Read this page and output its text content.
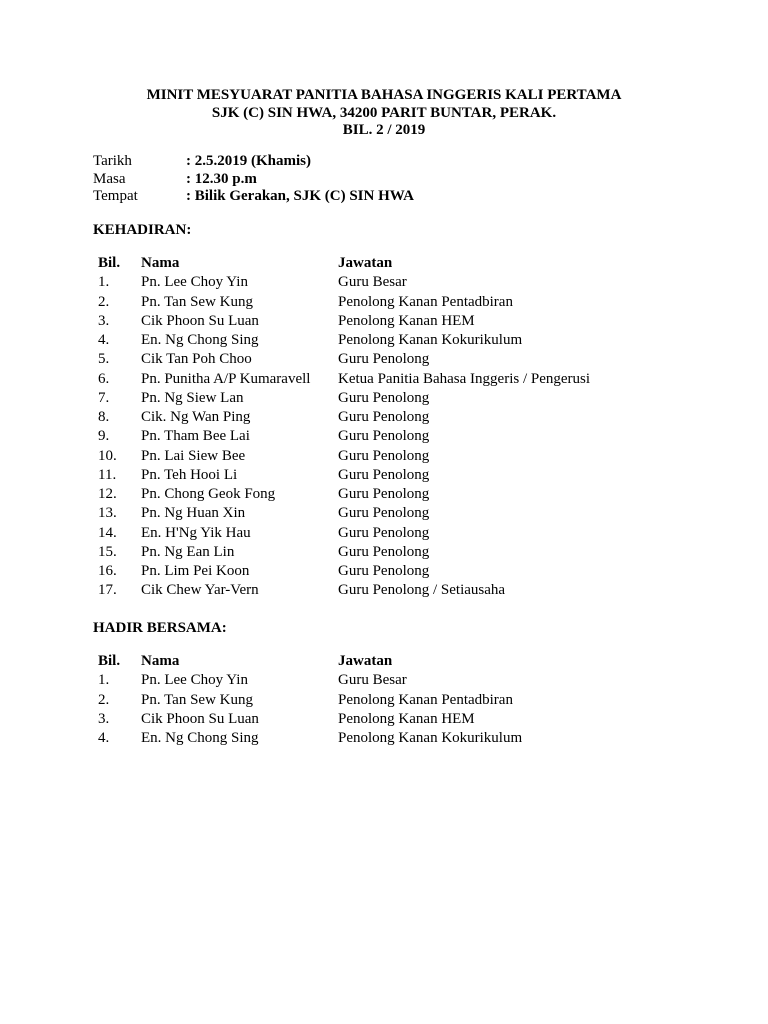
MINIT MESYUARAT PANITIA BAHASA INGGERIS KALI PERTAMA
SJK (C) SIN HWA, 34200 PARIT BUNTAR, PERAK.
BIL. 2 / 2019
Tarikh	: 2.5.2019 (Khamis)
Masa	: 12.30 p.m
Tempat	: Bilik Gerakan, SJK (C) SIN HWA
KEHADIRAN:
Bil.	Nama	Jawatan
1.	Pn. Lee Choy Yin	Guru Besar
2.	Pn. Tan Sew Kung	Penolong Kanan Pentadbiran
3.	Cik Phoon Su Luan	Penolong Kanan HEM
4.	En. Ng Chong Sing	Penolong Kanan Kokurikulum
5.	Cik Tan Poh Choo	Guru Penolong
6.	Pn. Punitha A/P Kumaravell	Ketua Panitia Bahasa Inggeris / Pengerusi
7.	Pn. Ng Siew Lan	Guru Penolong
8.	Cik. Ng Wan Ping	Guru Penolong
9.	Pn. Tham Bee Lai	Guru Penolong
10.	Pn. Lai Siew Bee	Guru Penolong
11.	Pn. Teh Hooi Li	Guru Penolong
12.	Pn. Chong Geok Fong	Guru Penolong
13.	Pn. Ng Huan Xin	Guru Penolong
14.	En. H'Ng Yik Hau	Guru Penolong
15.	Pn. Ng Ean Lin	Guru Penolong
16.	Pn. Lim Pei Koon	Guru Penolong
17.	Cik Chew Yar-Vern	Guru Penolong / Setiausaha
HADIR BERSAMA:
Bil.	Nama	Jawatan
1.	Pn. Lee Choy Yin	Guru Besar
2.	Pn. Tan Sew Kung	Penolong Kanan Pentadbiran
3.	Cik Phoon Su Luan	Penolong Kanan HEM
4.	En. Ng Chong Sing	Penolong Kanan Kokurikulum
